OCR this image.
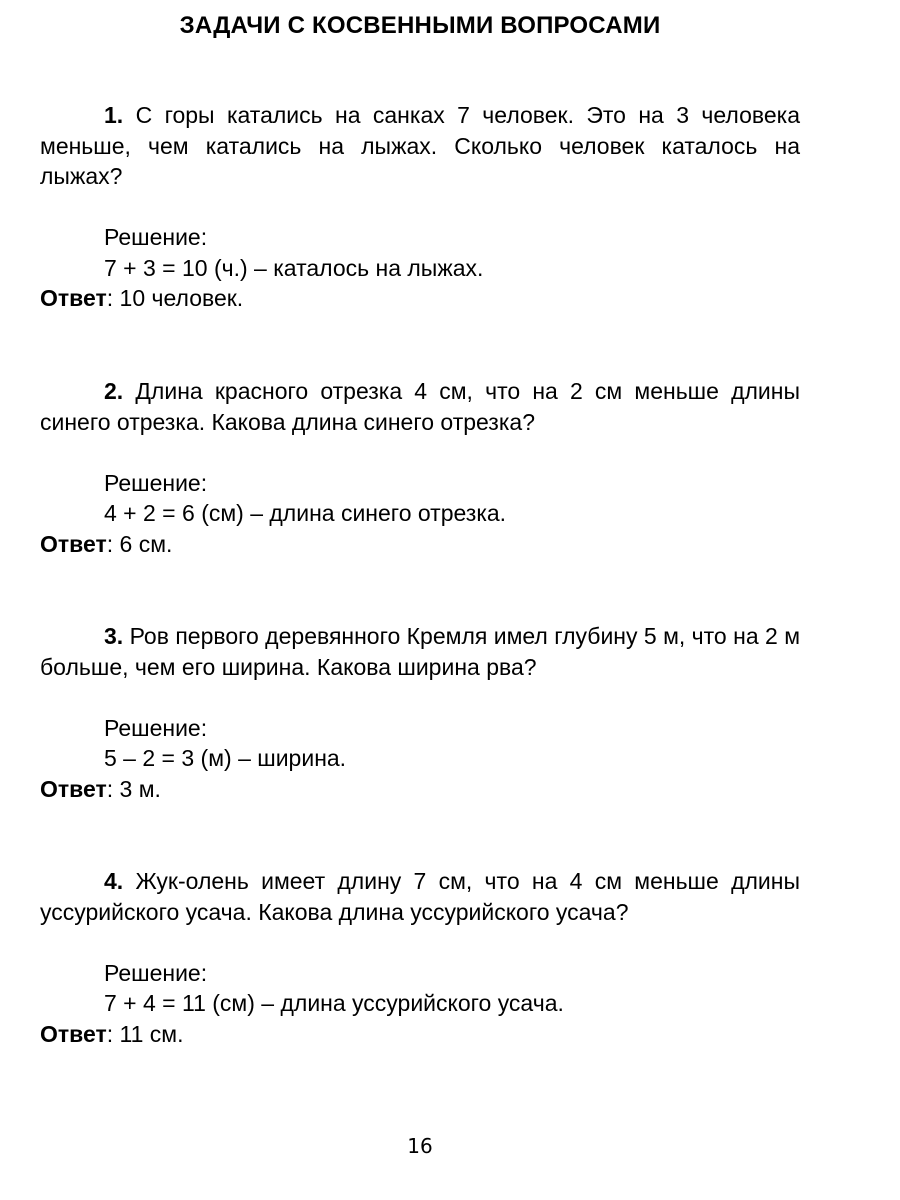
ЗАДАЧИ С КОСВЕННЫМИ ВОПРОСАМИ

1. С горы катались на санках 7 человек. Это на 3 человека меньше, чем катались на лыжах. Сколько человек каталось на лыжах?

Решение:

7 + 3 = 10 (ч.) – каталось на лыжах.

Ответ: 10 человек.

2. Длина красного отрезка 4 см, что на 2 см меньше длины синего отрезка. Какова длина синего отрезка?

Решение:

4 + 2 = 6 (см) – длина синего отрезка.

Ответ: 6 см.

3. Ров первого деревянного Кремля имел глубину 5 м, что на 2 м больше, чем его ширина. Какова ширина рва?

Решение:

5 – 2 = 3 (м) – ширина.

Ответ: 3 м.

4. Жук-олень имеет длину 7 см, что на 4 см меньше длины уссурийского усача. Какова длина уссурийского усача?

Решение:

7 + 4 = 11 (см) – длина уссурийского усача.

Ответ: 11 см.

16
